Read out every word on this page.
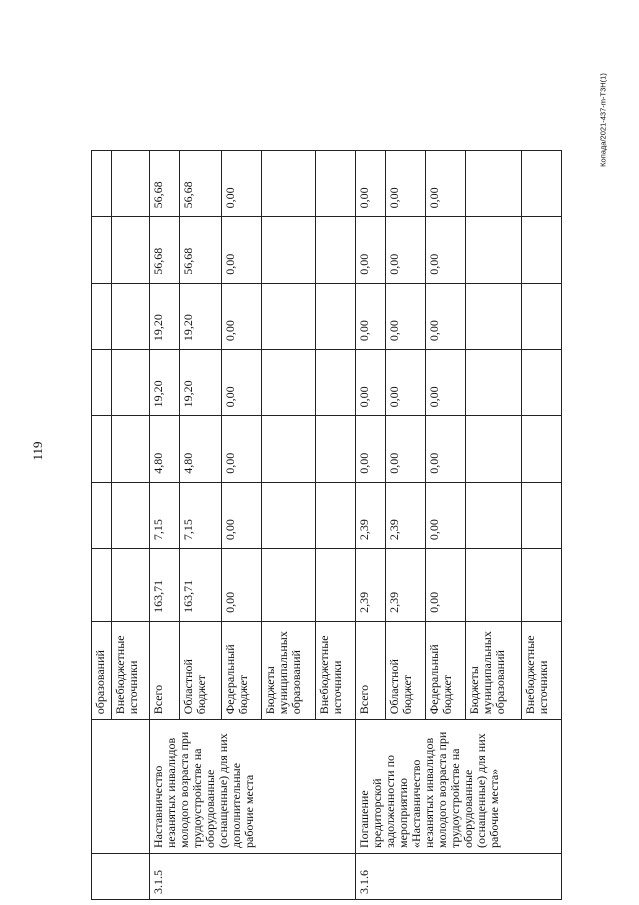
119
Копада/2021-437-m-T3H(1)
		образований							
		Внебюджетные источники							
3.1.5	Наставничество незанятых инвалидов молодого возраста при трудоустройстве на оборудованные (оснащенные) для них дополнительные рабочие места	Всего	163,71	7,15	4,80	19,20	19,20	56,68	56,68
		Областной бюджет	163,71	7,15	4,80	19,20	19,20	56,68	56,68
		Федеральный бюджет	0,00	0,00	0,00	0,00	0,00	0,00	0,00
		Бюджеты муниципальных образований							
		Внебюджетные источники							
3.1.6	Погашение кредиторской задолженности по мероприятию «Наставничество незанятых инвалидов молодого возраста при трудоустройстве на оборудованные (оснащенные) для них рабочие места»	Всего	2,39	2,39	0,00	0,00	0,00	0,00	0,00
		Областной бюджет	2,39	2,39	0,00	0,00	0,00	0,00	0,00
		Федеральный бюджет	0,00	0,00	0,00	0,00	0,00	0,00	0,00
		Бюджеты муниципальных образований							
		Внебюджетные источники							
